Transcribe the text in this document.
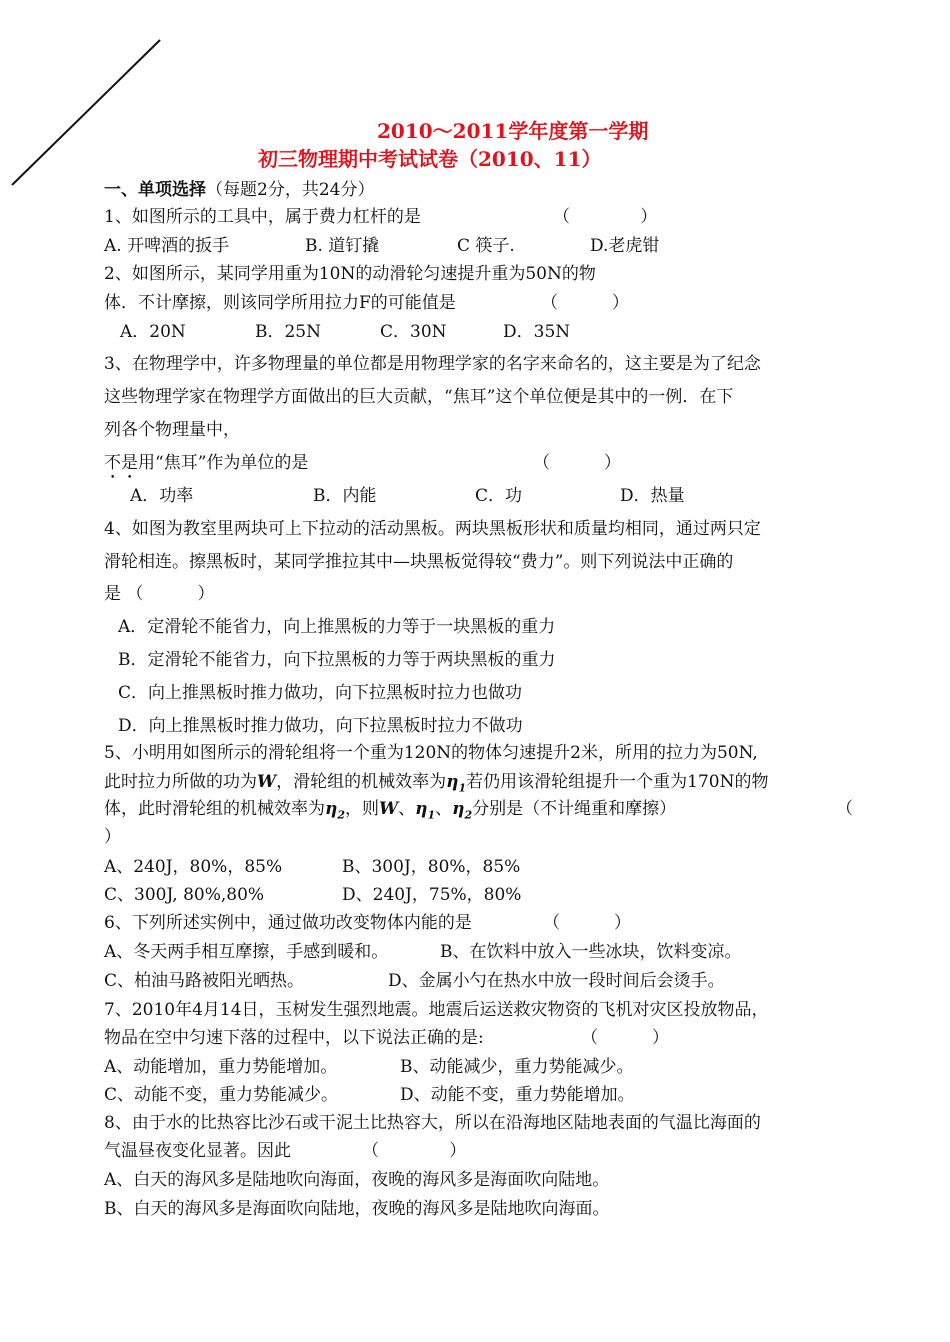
2010～2011学年度第一学期
初三物理期中考试试卷（2010、11）
一、单项选择（每题2分，共24分）
1、如图所示的工具中，属于费力杠杆的是	（             ）
A. 开啤酒的扳手	B. 道钉撬	C 筷子.	D.老虎钳
2、如图所示，某同学用重为10N的动滑轮匀速提升重为50N的物
体．不计摩擦，则该同学所用拉力F的可能值是	（          ）
A．20N	B．25N	C．30N	D．35N
3、在物理学中，许多物理量的单位都是用物理学家的名字来命名的，这主要是为了纪念
这些物理学家在物理学方面做出的巨大贡献，“焦耳”这个单位便是其中的一例．在下
列各个物理量中，
不是用“焦耳”作为单位的是	（          ）
A．功率	B．内能	C．功	D．热量
4、如图为教室里两块可上下拉动的活动黑板。两块黑板形状和质量均相同，通过两只定
滑轮相连。擦黑板时，某同学推拉其中—块黑板觉得较“费力”。则下列说法中正确的
是 （          ）
A．定滑轮不能省力，向上推黑板的力等于一块黑板的重力
B．定滑轮不能省力，向下拉黑板的力等于两块黑板的重力
C．向上推黑板时推力做功，向下拉黑板时拉力也做功
D．向上推黑板时推力做功，向下拉黑板时拉力不做功
5、小明用如图所示的滑轮组将一个重为120N的物体匀速提升2米，所用的拉力为50N,
此时拉力所做的功为W，滑轮组的机械效率为$\eta_1$若仍用该滑轮组提升一个重为170N的物
体，此时滑轮组的机械效率为$\eta_2$，则W、$\eta_1$、$\eta_2$分别是（不计绳重和摩擦）	（
）
A、240J，80%，85%	B、300J，80%，85%
C、300J, 80%,80%	D、240J，75%，80%
6、下列所述实例中，通过做功改变物体内能的是	（          ）
A、冬天两手相互摩擦，手感到暖和。	B、在饮料中放入一些冰块，饮料变凉。
C、柏油马路被阳光晒热。	D、金属小勺在热水中放一段时间后会烫手。
7、2010年4月14日，玉树发生强烈地震。地震后运送救灾物资的飞机对灾区投放物品，
物品在空中匀速下落的过程中，以下说法正确的是:	（          ）
A、动能增加，重力势能增加。	B、动能减少，重力势能减少。
C、动能不变，重力势能减少。	D、动能不变，重力势能增加。
8、由于水的比热容比沙石或干泥土比热容大，所以在沿海地区陆地表面的气温比海面的
气温昼夜变化显著。因此	（             ）
A、白天的海风多是陆地吹向海面，夜晚的海风多是海面吹向陆地。
B、白天的海风多是海面吹向陆地，夜晚的海风多是陆地吹向海面。
